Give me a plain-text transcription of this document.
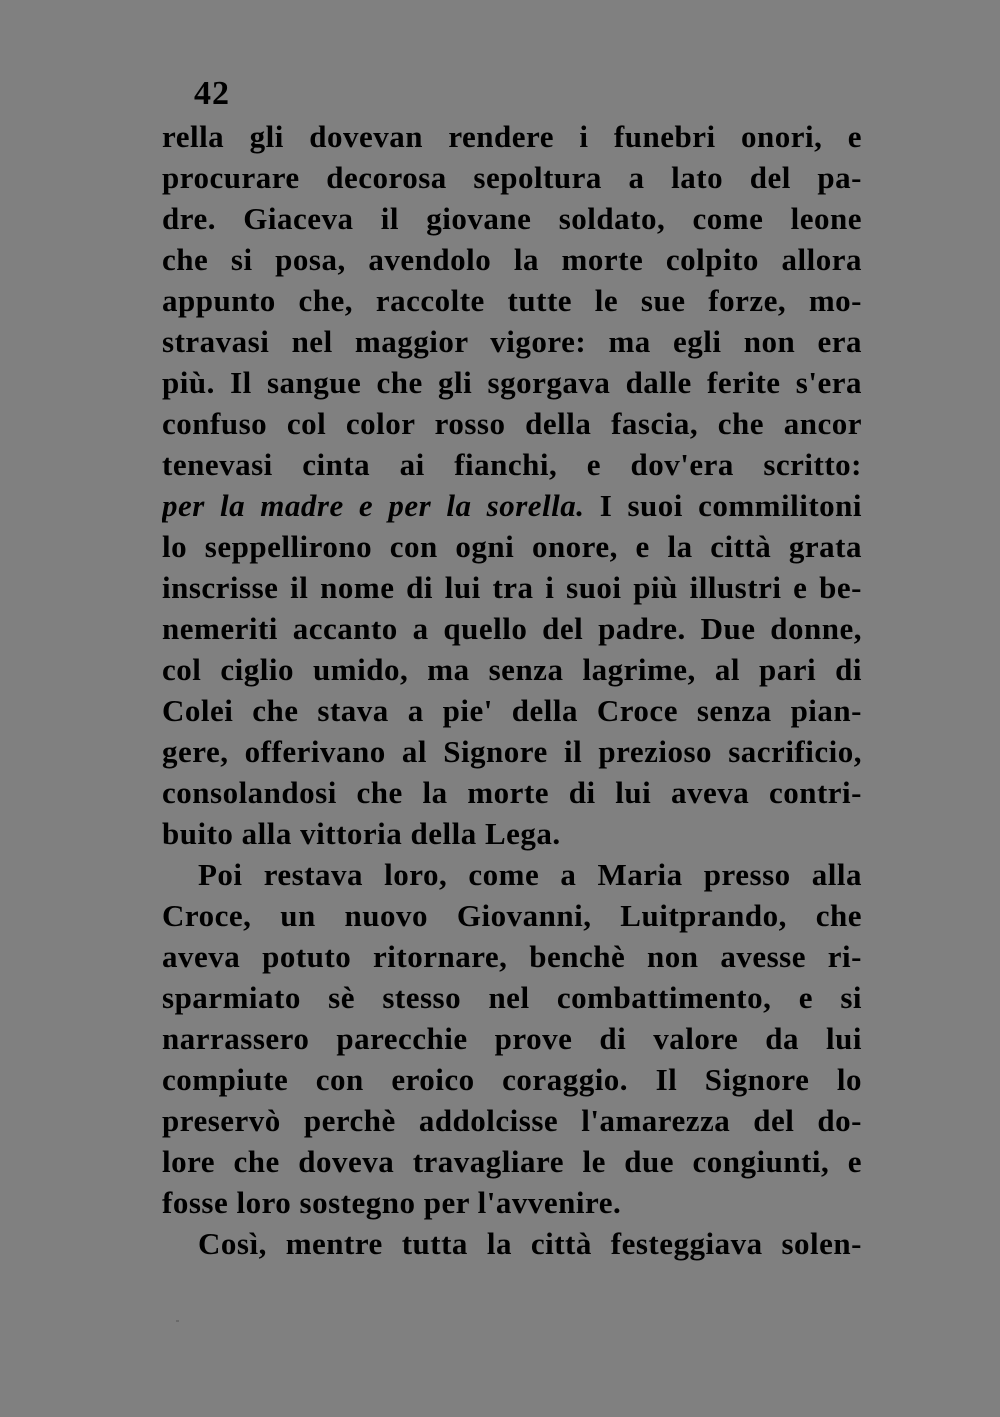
42
rella gli dovevan rendere i funebri onori, e
procurare decorosa sepoltura a lato del pa-
dre. Giaceva il giovane soldato, come leone
che si posa, avendolo la morte colpito allora
appunto che, raccolte tutte le sue forze, mo-
stravasi nel maggior vigore: ma egli non era
più. Il sangue che gli sgorgava dalle ferite s'era
confuso col color rosso della fascia, che ancor
tenevasi cinta ai fianchi, e dov'era scritto:
per la madre e per la sorella. I suoi commilitoni
lo seppellirono con ogni onore, e la città grata
inscrisse il nome di lui tra i suoi più illustri e be-
nemeriti accanto a quello del padre. Due donne,
col ciglio umido, ma senza lagrime, al pari di
Colei che stava a pie' della Croce senza pian-
gere, offerivano al Signore il prezioso sacrificio,
consolandosi che la morte di lui aveva contri-
buito alla vittoria della Lega.
Poi restava loro, come a Maria presso alla
Croce, un nuovo Giovanni, Luitprando, che
aveva potuto ritornare, benchè non avesse ri-
sparmiato sè stesso nel combattimento, e si
narrassero parecchie prove di valore da lui
compiute con eroico coraggio. Il Signore lo
preservò perchè addolcisse l'amarezza del do-
lore che doveva travagliare le due congiunti, e
fosse loro sostegno per l'avvenire.
Così, mentre tutta la città festeggiava solen-
